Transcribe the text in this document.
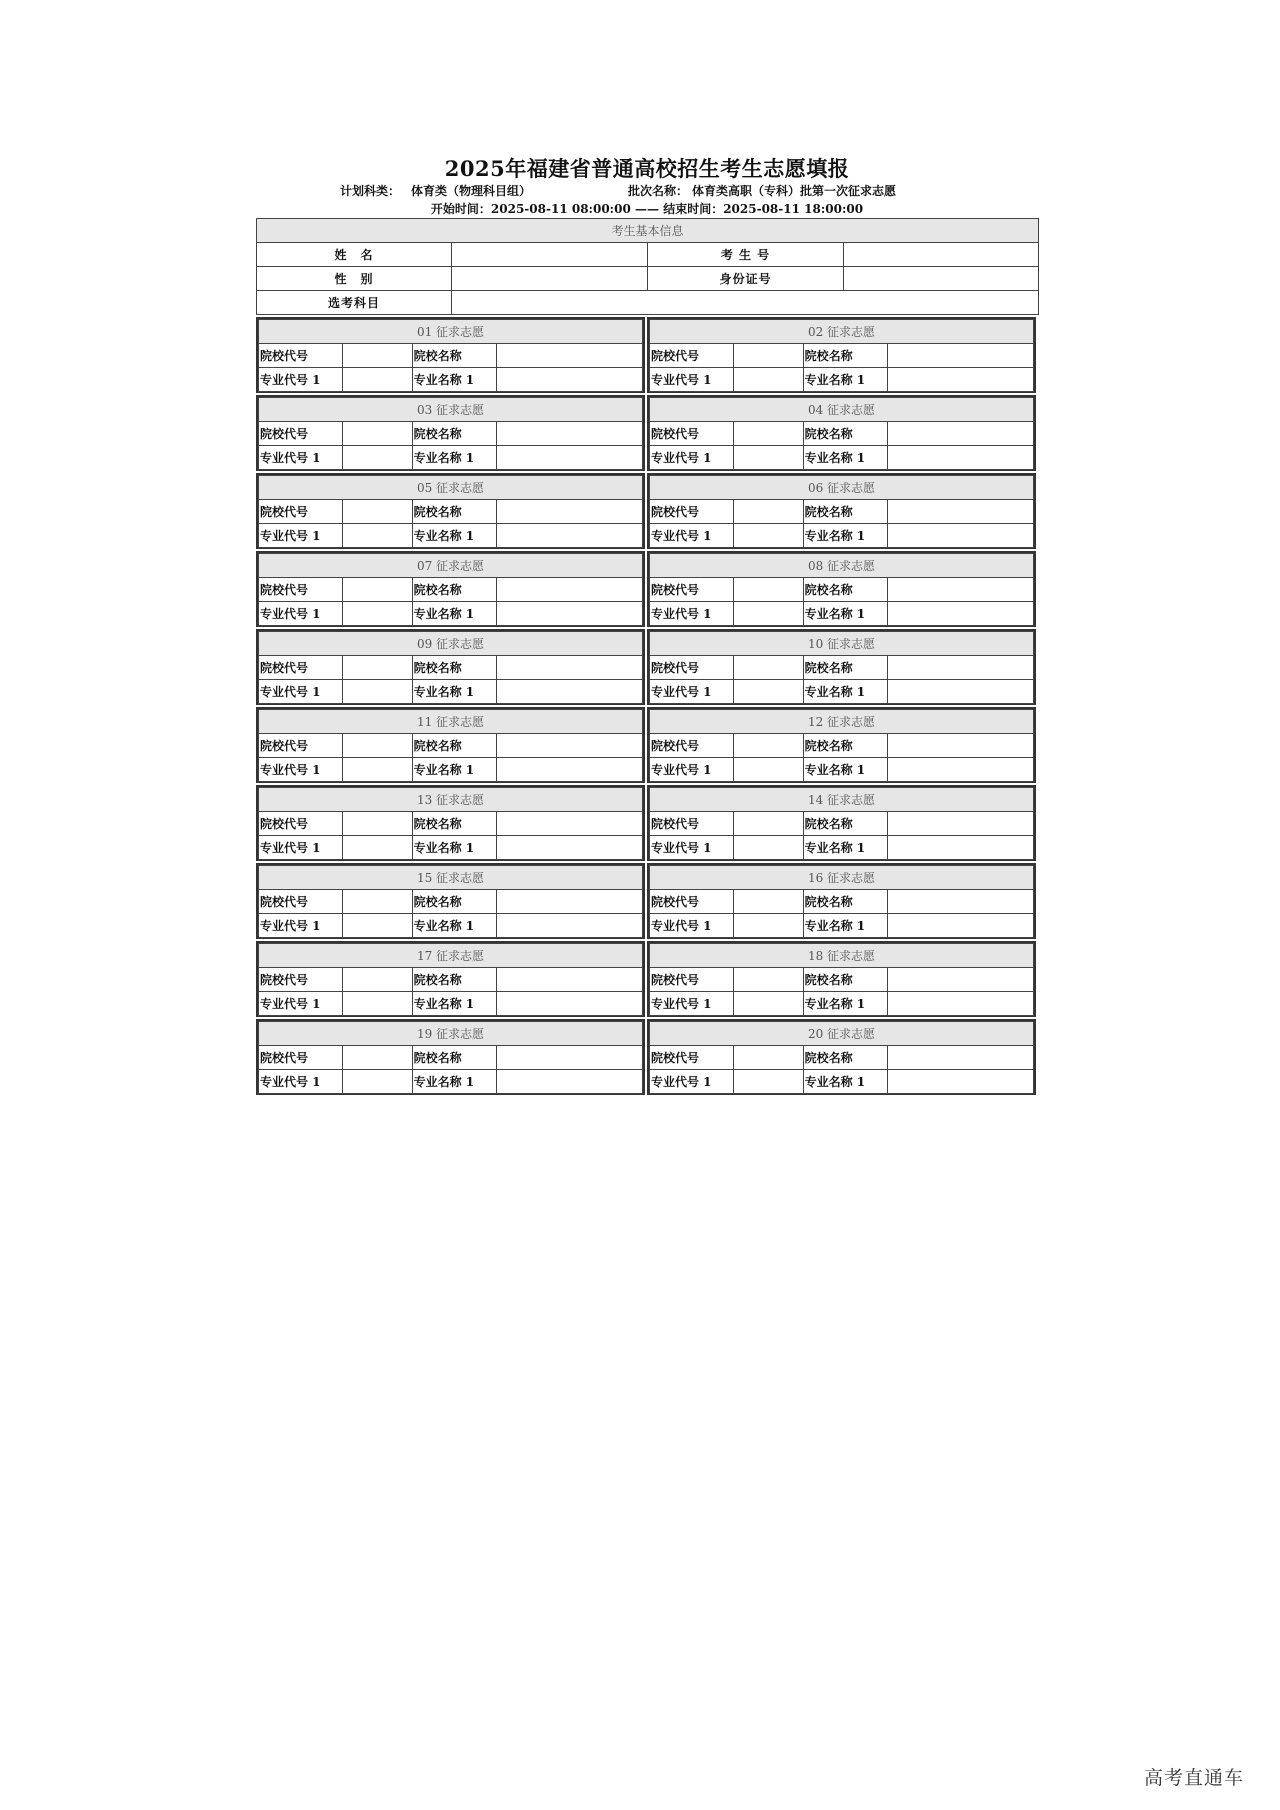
2025年福建省普通高校招生考生志愿填报
计划科类： 体育类（物理科目组）	批次名称： 体育类高职（专科）批第一次征求志愿
开始时间：2025-08-11 08:00:00 —— 结束时间：2025-08-11 18:00:00
考生基本信息			
姓　名		考 生 号	
性　别		身份证号	
选考科目			
01 征求志愿			
院校代号		院校名称	
专业代号 1		专业名称 1	
02 征求志愿			
院校代号		院校名称	
专业代号 1		专业名称 1	
03 征求志愿			
院校代号		院校名称	
专业代号 1		专业名称 1	
04 征求志愿			
院校代号		院校名称	
专业代号 1		专业名称 1	
05 征求志愿			
院校代号		院校名称	
专业代号 1		专业名称 1	
06 征求志愿			
院校代号		院校名称	
专业代号 1		专业名称 1	
07 征求志愿			
院校代号		院校名称	
专业代号 1		专业名称 1	
08 征求志愿			
院校代号		院校名称	
专业代号 1		专业名称 1	
09 征求志愿			
院校代号		院校名称	
专业代号 1		专业名称 1	
10 征求志愿			
院校代号		院校名称	
专业代号 1		专业名称 1	
11 征求志愿			
院校代号		院校名称	
专业代号 1		专业名称 1	
12 征求志愿			
院校代号		院校名称	
专业代号 1		专业名称 1	
13 征求志愿			
院校代号		院校名称	
专业代号 1		专业名称 1	
14 征求志愿			
院校代号		院校名称	
专业代号 1		专业名称 1	
15 征求志愿			
院校代号		院校名称	
专业代号 1		专业名称 1	
16 征求志愿			
院校代号		院校名称	
专业代号 1		专业名称 1	
17 征求志愿			
院校代号		院校名称	
专业代号 1		专业名称 1	
18 征求志愿			
院校代号		院校名称	
专业代号 1		专业名称 1	
19 征求志愿			
院校代号		院校名称	
专业代号 1		专业名称 1	
20 征求志愿			
院校代号		院校名称	
专业代号 1		专业名称 1	
高考直通车
